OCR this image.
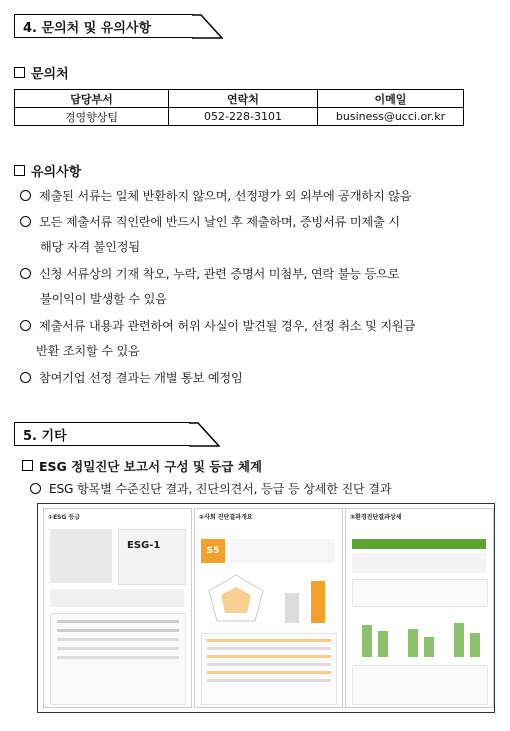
4. 문의처 및 유의사항
문의처
담당부서	연락처	이메일
경영향상팀	052-228-3101	business@ucci.or.kr
유의사항
제출된 서류는 일체 반환하지 않으며, 선정평가 외 외부에 공개하지 않음
모든 제출서류 직인란에 반드시 날인 후 제출하며, 증빙서류 미제출 시
해당 자격 불인정됨
신청 서류상의 기재 착오, 누락, 관련 증명서 미첨부, 연락 불능 등으로
불이익이 발생할 수 있음
제출서류 내용과 관련하여 허위 사실이 발견될 경우, 선정 취소 및 지원금
반환 조치할 수 있음
참여기업 선정 결과는 개별 통보 예정임
5. 기타
ESG 정밀진단 보고서 구성 및 등급 체계
ESG 항목별 수준진단 결과, 진단의견서, 등급 등 상세한 진단 결과
①ESG 등급
ESG-1
②사회 진단결과개요
S5
③환경진단결과상세
